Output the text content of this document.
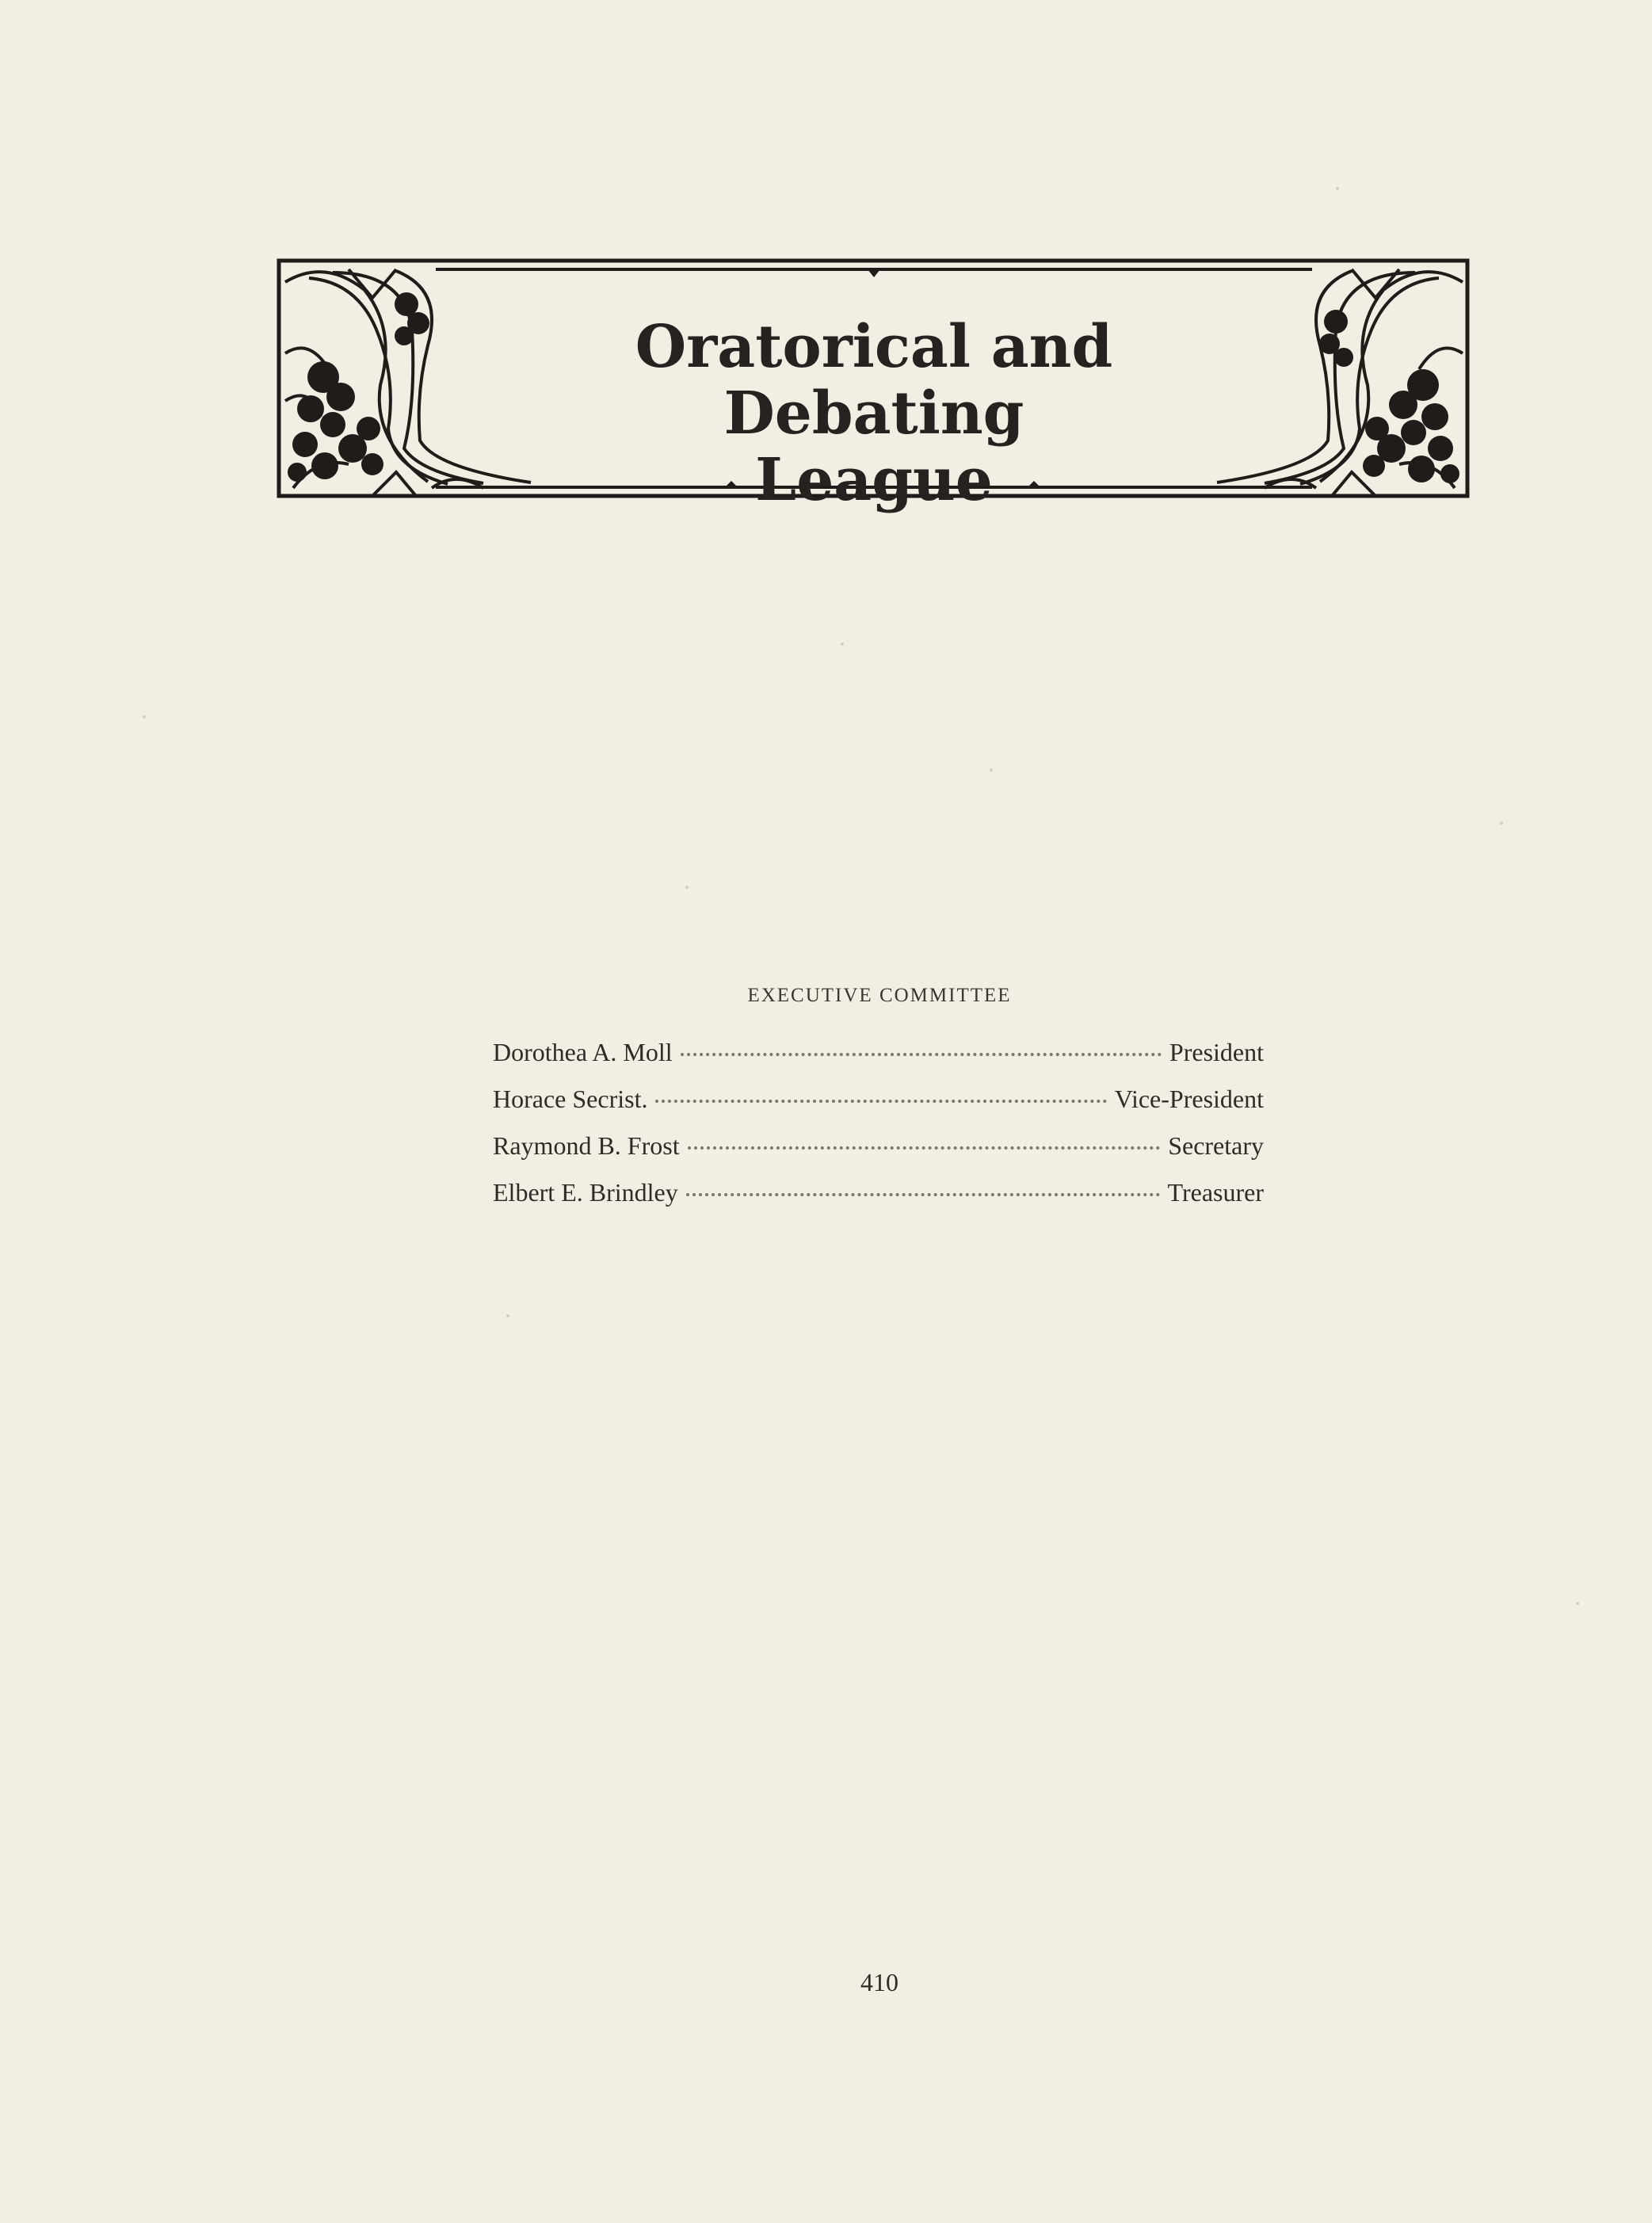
Oratorical and Debating
League

EXECUTIVE COMMITTEE

Dorothea A. Moll	President
Horace Secrist.	Vice-President
Raymond B. Frost	Secretary
Elbert E. Brindley	Treasurer

410
